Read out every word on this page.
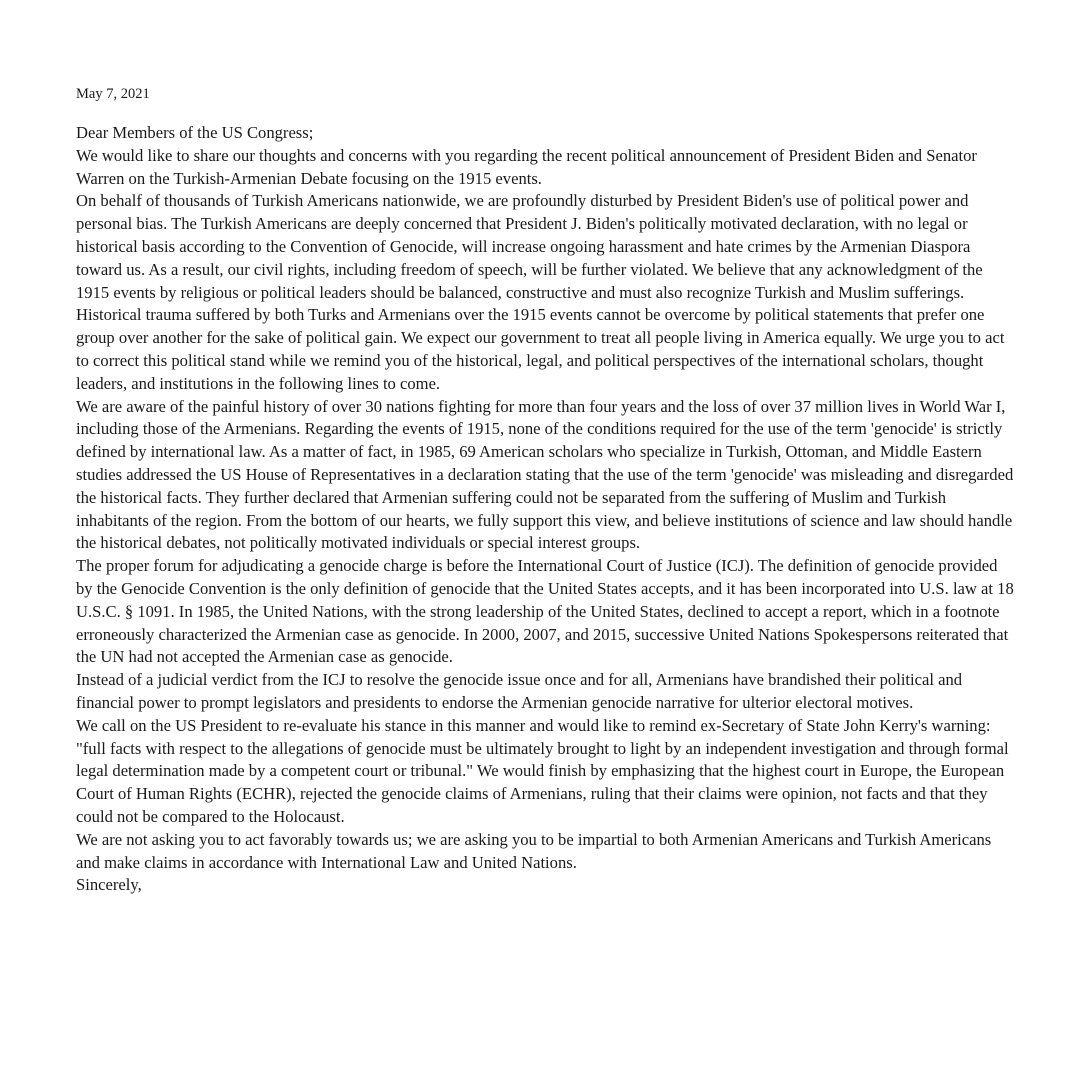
May 7, 2021

Dear Members of the US Congress;

We would like to share our thoughts and concerns with you regarding the recent political announcement of President Biden and Senator Warren on the Turkish-Armenian Debate focusing on the 1915 events.

On behalf of thousands of Turkish Americans nationwide, we are profoundly disturbed by President Biden's use of political power and personal bias. The Turkish Americans are deeply concerned that President J. Biden's politically motivated declaration, with no legal or historical basis according to the Convention of Genocide, will increase ongoing harassment and hate crimes by the Armenian Diaspora toward us. As a result, our civil rights, including freedom of speech, will be further violated. We believe that any acknowledgment of the 1915 events by religious or political leaders should be balanced, constructive and must also recognize Turkish and Muslim sufferings. Historical trauma suffered by both Turks and Armenians over the 1915 events cannot be overcome by political statements that prefer one group over another for the sake of political gain. We expect our government to treat all people living in America equally. We urge you to act to correct this political stand while we remind you of the historical, legal, and political perspectives of the international scholars, thought leaders, and institutions in the following lines to come.

We are aware of the painful history of over 30 nations fighting for more than four years and the loss of over 37 million lives in World War I, including those of the Armenians. Regarding the events of 1915, none of the conditions required for the use of the term 'genocide' is strictly defined by international law. As a matter of fact, in 1985, 69 American scholars who specialize in Turkish, Ottoman, and Middle Eastern studies addressed the US House of Representatives in a declaration stating that the use of the term 'genocide' was misleading and disregarded the historical facts. They further declared that Armenian suffering could not be separated from the suffering of Muslim and Turkish inhabitants of the region. From the bottom of our hearts, we fully support this view, and believe institutions of science and law should handle the historical debates, not politically motivated individuals or special interest groups.

The proper forum for adjudicating a genocide charge is before the International Court of Justice (ICJ). The definition of genocide provided by the Genocide Convention is the only definition of genocide that the United States accepts, and it has been incorporated into U.S. law at 18 U.S.C. § 1091. In 1985, the United Nations, with the strong leadership of the United States, declined to accept a report, which in a footnote erroneously characterized the Armenian case as genocide. In 2000, 2007, and 2015, successive United Nations Spokespersons reiterated that the UN had not accepted the Armenian case as genocide.

Instead of a judicial verdict from the ICJ to resolve the genocide issue once and for all, Armenians have brandished their political and financial power to prompt legislators and presidents to endorse the Armenian genocide narrative for ulterior electoral motives.

We call on the US President to re-evaluate his stance in this manner and would like to remind ex-Secretary of State John Kerry's warning: "full facts with respect to the allegations of genocide must be ultimately brought to light by an independent investigation and through formal legal determination made by a competent court or tribunal." We would finish by emphasizing that the highest court in Europe, the European Court of Human Rights (ECHR), rejected the genocide claims of Armenians, ruling that their claims were opinion, not facts and that they could not be compared to the Holocaust.

We are not asking you to act favorably towards us; we are asking you to be impartial to both Armenian Americans and Turkish Americans and make claims in accordance with International Law and United Nations.

Sincerely,
